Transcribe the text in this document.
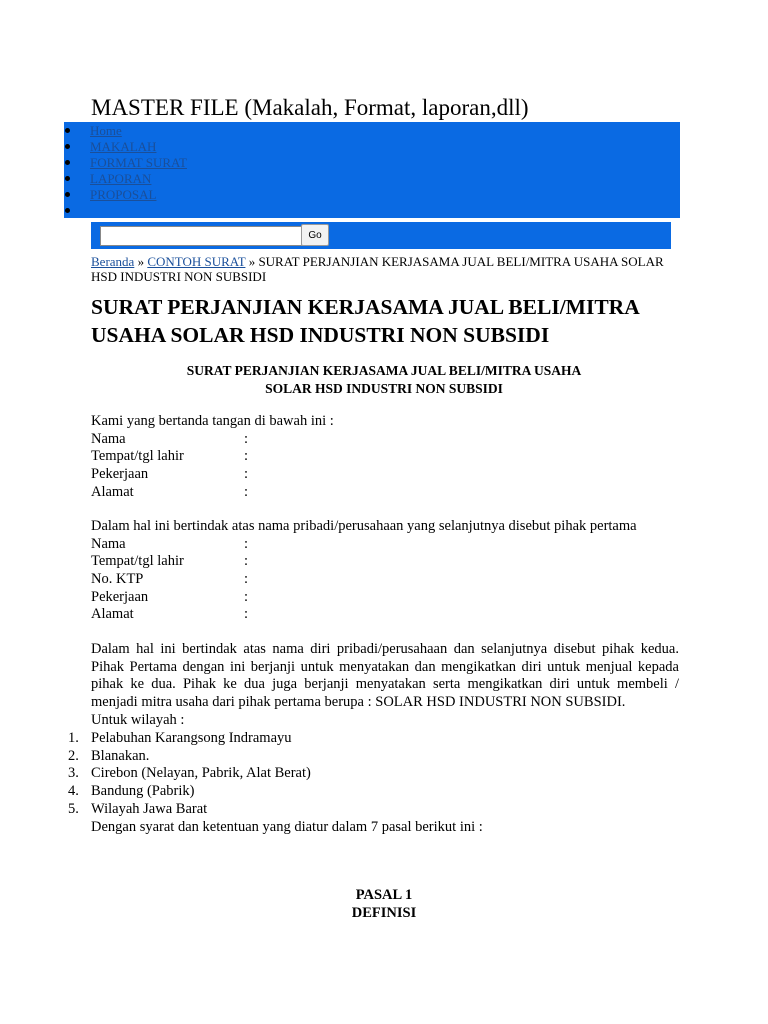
MASTER FILE (Makalah, Format, laporan,dll)
Home
MAKALAH
FORMAT SURAT
LAPORAN
PROPOSAL
Go
Beranda » CONTOH SURAT » SURAT PERJANJIAN KERJASAMA JUAL BELI/MITRA USAHA SOLAR HSD INDUSTRI NON SUBSIDI
SURAT PERJANJIAN KERJASAMA JUAL BELI/MITRA USAHA SOLAR HSD INDUSTRI NON SUBSIDI
SURAT PERJANJIAN KERJASAMA JUAL BELI/MITRA USAHA
SOLAR HSD INDUSTRI NON SUBSIDI
Kami yang bertanda tangan di bawah ini :
Nama	:
Tempat/tgl lahir	:
Pekerjaan	:
Alamat	:
Dalam hal ini bertindak atas nama pribadi/perusahaan yang selanjutnya disebut pihak pertama
Nama	:
Tempat/tgl lahir	:
No. KTP	:
Pekerjaan	:
Alamat	:
Dalam hal ini bertindak atas nama diri pribadi/perusahaan dan selanjutnya disebut pihak kedua. Pihak Pertama dengan ini berjanji untuk menyatakan dan mengikatkan diri untuk menjual kepada pihak ke dua. Pihak ke dua juga berjanji menyatakan serta mengikatkan diri untuk membeli / menjadi mitra usaha dari pihak pertama berupa : SOLAR HSD INDUSTRI NON SUBSIDI.
Untuk wilayah :
1. Pelabuhan Karangsong Indramayu
2. Blanakan.
3. Cirebon (Nelayan, Pabrik, Alat Berat)
4. Bandung (Pabrik)
5. Wilayah Jawa Barat
Dengan syarat dan ketentuan yang diatur dalam 7 pasal berikut ini :
PASAL 1
DEFINISI
